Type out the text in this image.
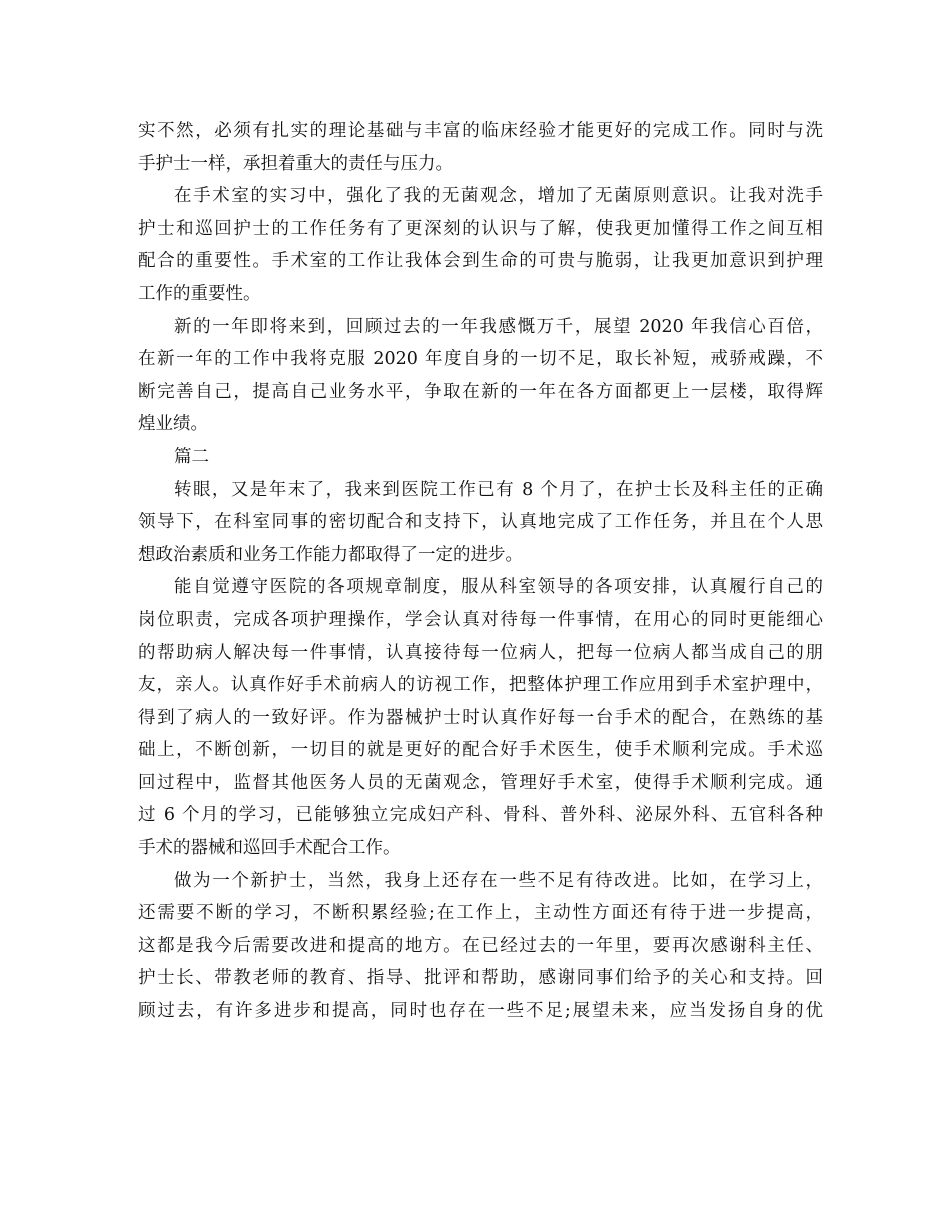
实不然，必须有扎实的理论基础与丰富的临床经验才能更好的完成工作。同时与洗
手护士一样，承担着重大的责任与压力。
在手术室的实习中，强化了我的无菌观念，增加了无菌原则意识。让我对洗手
护士和巡回护士的工作任务有了更深刻的认识与了解，使我更加懂得工作之间互相
配合的重要性。手术室的工作让我体会到生命的可贵与脆弱，让我更加意识到护理
工作的重要性。
新的一年即将来到，回顾过去的一年我感慨万千，展望 2020 年我信心百倍，
在新一年的工作中我将克服 2020 年度自身的一切不足，取长补短，戒骄戒躁，不
断完善自己，提高自己业务水平，争取在新的一年在各方面都更上一层楼，取得辉
煌业绩。
篇二
转眼，又是年末了，我来到医院工作已有 8 个月了，在护士长及科主任的正确
领导下，在科室同事的密切配合和支持下，认真地完成了工作任务，并且在个人思
想政治素质和业务工作能力都取得了一定的进步。
能自觉遵守医院的各项规章制度，服从科室领导的各项安排，认真履行自己的
岗位职责，完成各项护理操作，学会认真对待每一件事情，在用心的同时更能细心
的帮助病人解决每一件事情，认真接待每一位病人，把每一位病人都当成自己的朋
友，亲人。认真作好手术前病人的访视工作，把整体护理工作应用到手术室护理中，
得到了病人的一致好评。作为器械护士时认真作好每一台手术的配合，在熟练的基
础上，不断创新，一切目的就是更好的配合好手术医生，使手术顺利完成。手术巡
回过程中，监督其他医务人员的无菌观念，管理好手术室，使得手术顺利完成。通
过 6 个月的学习，已能够独立完成妇产科、骨科、普外科、泌尿外科、五官科各种
手术的器械和巡回手术配合工作。
做为一个新护士，当然，我身上还存在一些不足有待改进。比如，在学习上，
还需要不断的学习，不断积累经验;在工作上，主动性方面还有待于进一步提高，
这都是我今后需要改进和提高的地方。在已经过去的一年里，要再次感谢科主任、
护士长、带教老师的教育、指导、批评和帮助，感谢同事们给予的关心和支持。回
顾过去，有许多进步和提高，同时也存在一些不足;展望未来，应当发扬自身的优
